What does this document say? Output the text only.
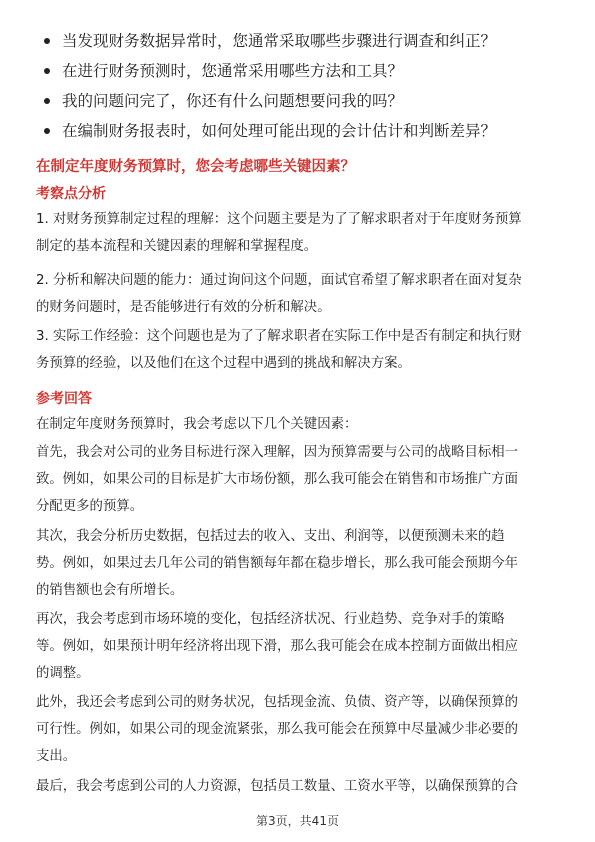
当发现财务数据异常时，您通常采取哪些步骤进行调查和纠正？
在进行财务预测时，您通常采用哪些方法和工具？
我的问题问完了，你还有什么问题想要问我的吗？
在编制财务报表时，如何处理可能出现的会计估计和判断差异？
在制定年度财务预算时，您会考虑哪些关键因素？
考察点分析
1. 对财务预算制定过程的理解：这个问题主要是为了了解求职者对于年度财务预算
制定的基本流程和关键因素的理解和掌握程度。
2. 分析和解决问题的能力：通过询问这个问题，面试官希望了解求职者在面对复杂
的财务问题时，是否能够进行有效的分析和解决。
3. 实际工作经验：这个问题也是为了了解求职者在实际工作中是否有制定和执行财
务预算的经验，以及他们在这个过程中遇到的挑战和解决方案。
参考回答
在制定年度财务预算时，我会考虑以下几个关键因素：
首先，我会对公司的业务目标进行深入理解，因为预算需要与公司的战略目标相一
致。例如，如果公司的目标是扩大市场份额，那么我可能会在销售和市场推广方面
分配更多的预算。
其次，我会分析历史数据，包括过去的收入、支出、利润等，以便预测未来的趋
势。例如，如果过去几年公司的销售额每年都在稳步增长，那么我可能会预期今年
的销售额也会有所增长。
再次，我会考虑到市场环境的变化，包括经济状况、行业趋势、竞争对手的策略
等。例如，如果预计明年经济将出现下滑，那么我可能会在成本控制方面做出相应
的调整。
此外，我还会考虑到公司的财务状况，包括现金流、负债、资产等，以确保预算的
可行性。例如，如果公司的现金流紧张，那么我可能会在预算中尽量减少非必要的
支出。
最后，我会考虑到公司的人力资源，包括员工数量、工资水平等，以确保预算的合
第3页，共41页
